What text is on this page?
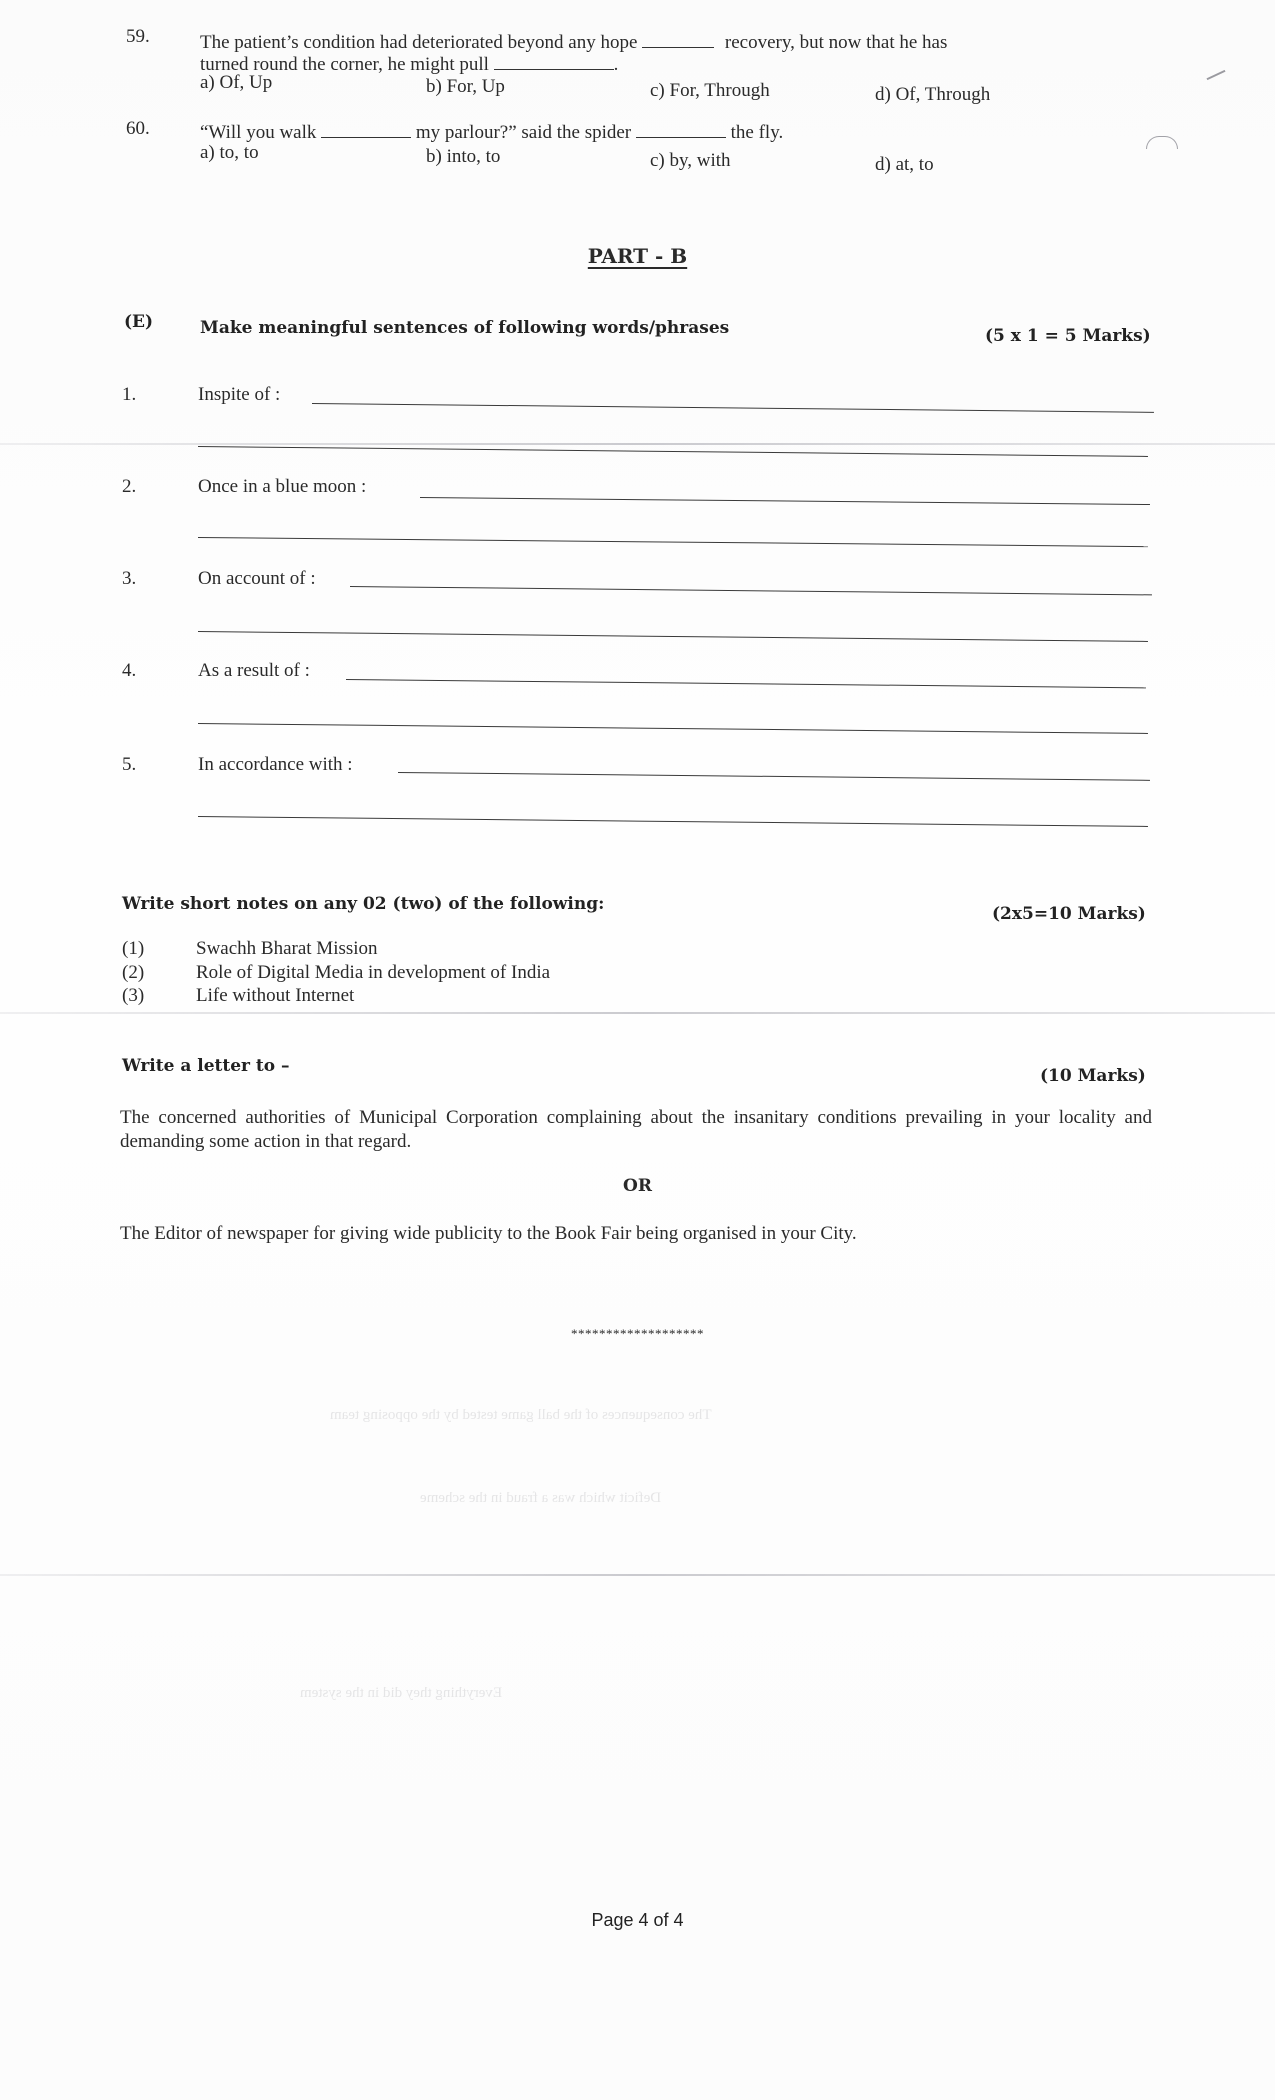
The consequences of the ball game tested by the opposing team
Deficit which was a fraud in the scheme
Everything they did in the system
59.	The patient’s condition had deteriorated beyond any hope	recovery, but now that he has
turned round the corner, he might pull	.
a) Of, Up	b) For, Up	c) For, Through	d) Of, Through
60.	“Will you walk	my parlour?” said the spider	the fly.
a) to, to	b) into, to	c) by, with	d) at, to
PART - B
(E)	Make meaningful sentences of following words/phrases	(5 x 1 = 5 Marks)
1.	Inspite of :
2.	Once in a blue moon :
3.	On account of :
4.	As a result of :
5.	In accordance with :
Write short notes on any 02 (two) of the following:	(2x5=10 Marks)
(1)	Swachh Bharat Mission
(2)	Role of Digital Media in development of India
(3)	Life without Internet
Write a letter to –	(10 Marks)
The concerned authorities of Municipal Corporation complaining about the insanitary conditions prevailing in your locality and demanding some action in that regard.
OR
The Editor of newspaper for giving wide publicity to the Book Fair being organised in your City.
*******************
Page 4 of 4
